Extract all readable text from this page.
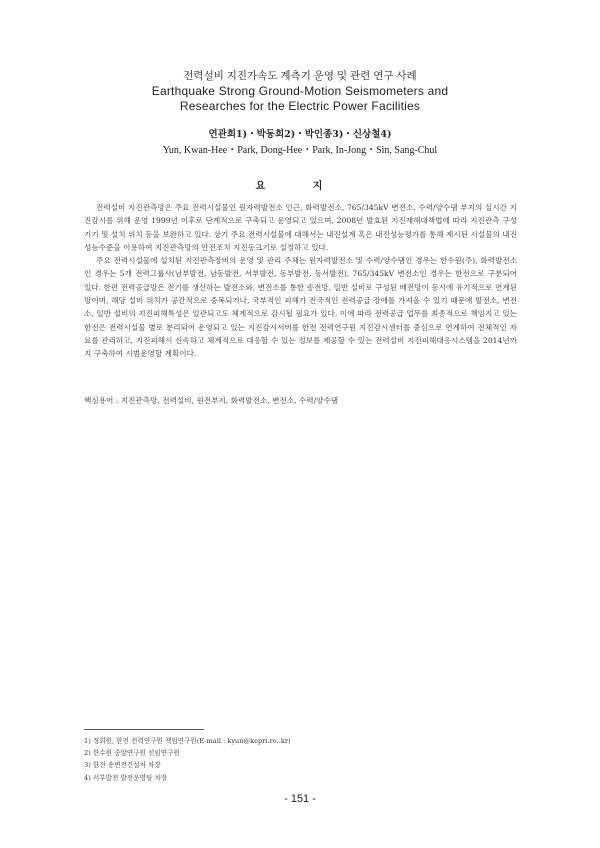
전력설비 지진가속도 계측기 운영 및 관련 연구 사례
Earthquake Strong Ground-Motion Seismometers and
Researches for the Electric Power Facilities
연관희1)・박동희2)・박인종3)・신상철4)
Yun, Kwan-Hee・Park, Dong-Hee・Park, In-Jong・Sin, Sang-Chul
요 지

전력설비 지진관측망은 주요 전력시설물인 원자력발전소 인근, 화력발전소, 765/345kV 변전소, 수력/양수댐 부지의 실시간 지진감시를 위해 운영 1999년 이후로 단계적으로 구축되고 운영되고 있으며, 2008년 발효된 지진재해대책법에 따라 지진관측 구성기기 및 설치 위치 등을 보완하고 있다. 상기 주요 전력시설물에 대해서는 내진설계 혹은 내진성능평가를 통해 제시된 시설물의 내진성능수준을 이용하여 지진관측망의 안전조치 지진동크기로 설정하고 있다.

주요 전력시설물에 설치된 지진관측장비의 운영 및 관리 주체는 원자력발전소 및 수력/양수댐인 경우는 한수원(주), 화력발전소인 경우는 5개 전력그룹사(남부발전, 남동발전, 서부발전, 동부발전, 동서발전), 765/345kV 변전소인 경우는 한전으로 구분되어 있다. 한편 전력공급망은 전기를 생산하는 발전소와, 변전소를 통한 송전망, 일반 설비로 구성된 배전망이 동시에 유기적으로 연계된 망이며, 해당 설비 위치가 공간적으로 중복되거나, 국부적인 피해가 전국적인 전력공급 장애를 가져올 수 있기 때문에 발전소, 변전소, 일반 설비의 지진피해특성은 일관되고도 체계적으로 감시될 필요가 있다. 이에 따라 전력공급 업무를 최종적으로 책임지고 있는 한전은 전력시설물 별로 분리되어 운영되고 있는 지진감시서버를 한전 전력연구원 지진감시센터를 중심으로 연계하여 전체적인 자료를 관리하고, 지진피해시 신속하고 체계적으로 대응할 수 있는 정보를 제공할 수 있는 전력설비 지진피해대응시스템을 2014년까지 구축하여 시범운영할 계획이다.

핵심용어 : 지진관측망, 전력설비, 원전부지, 화력발전소, 변전소, 수력/양수댐
1) 정회원, 한전 전력연구원 책임연구원(E-mail : kyun@kepri.re..kr)
2) 한수원 중앙연구원 선임연구원
3) 한전 송변전건설처 차장
4) 서부발전 발전운영팀 차장
- 151 -
